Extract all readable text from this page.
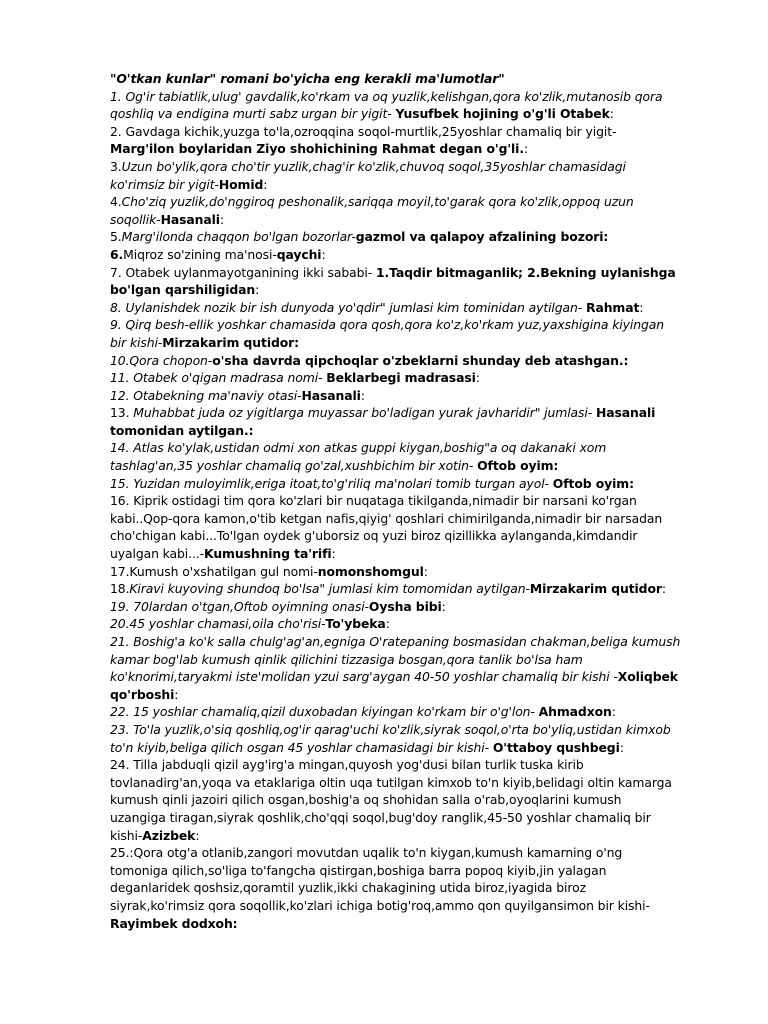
"O'tkan kunlar" romani bo'yicha eng kerakli ma'lumotlar"
1. Og'ir tabiatlik,ulug' gavdalik,ko'rkam va oq yuzlik,kelishgan,qora ko'zlik,mutanosib qora
qoshliq va endigina murti sabz urgan bir yigit- Yusufbek hojining o'g'li Otabek:
2. Gavdaga kichik,yuzga to'la,ozroqqina soqol-murtlik,25yoshlar chamaliq bir yigit-
Marg'ilon boylaridan Ziyo shohichining Rahmat degan o'g'li.:
3.Uzun bo'ylik,qora cho'tir yuzlik,chag'ir ko'zlik,chuvoq soqol,35yoshlar chamasidagi
ko'rimsiz bir yigit-Homid:
4.Cho'ziq yuzlik,do'nggiroq peshonalik,sariqqa moyil,to'garak qora ko'zlik,oppoq uzun
soqollik-Hasanali:
5.Marg'ilonda chaqqon bo'lgan bozorlar-gazmol va qalapoy afzalining bozori:
6.Miqroz so'zining ma'nosi-qaychi:
7. Otabek uylanmayotganining ikki sababi- 1.Taqdir bitmaganlik; 2.Bekning uylanishga
bo'lgan qarshiligidan:
8. Uylanishdek nozik bir ish dunyoda yo'qdir" jumlasi kim tominidan aytilgan- Rahmat:
9. Qirq besh-ellik yoshkar chamasida qora qosh,qora ko'z,ko'rkam yuz,yaxshigina kiyingan
bir kishi-Mirzakarim qutidor:
10.Qora chopon-o'sha davrda qipchoqlar o'zbeklarni shunday deb atashgan.:
11. Otabek o'qigan madrasa nomi- Beklarbegi madrasasi:
12. Otabekning ma'naviy otasi-Hasanali:
13. Muhabbat juda oz yigitlarga muyassar bo'ladigan yurak javharidir" jumlasi- Hasanali
tomonidan aytilgan.:
14. Atlas ko'ylak,ustidan odmi xon atkas guppi kiygan,boshig"a oq dakanaki xom
tashlag'an,35 yoshlar chamaliq go'zal,xushbichim bir xotin- Oftob oyim:
15. Yuzidan muloyimlik,eriga itoat,to'g'riliq ma'nolari tomib turgan ayol- Oftob oyim:
16. Kiprik ostidagi tim qora ko'zlari bir nuqataga tikilganda,nimadir bir narsani ko'rgan
kabi..Qop-qora kamon,o'tib ketgan nafis,qiyig' qoshlari chimirilganda,nimadir bir narsadan
cho'chigan kabi...To'lgan oydek g'uborsiz oq yuzi biroz qizillikka aylanganda,kimdandir
uyalgan kabi...-Kumushning ta'rifi:
17.Kumush o'xshatilgan gul nomi-nomonshomgul:
18.Kiravi kuyoving shundoq bo'lsa" jumlasi kim tomomidan aytilgan-Mirzakarim qutidor:
19. 70lardan o'tgan,Oftob oyimning onasi-Oysha bibi:
20.45 yoshlar chamasi,oila cho'risi-To'ybeka:
21. Boshig'a ko'k salla chulg'ag'an,egniga O'ratepaning bosmasidan chakman,beliga kumush
kamar bog'lab kumush qinlik qilichini tizzasiga bosgan,qora tanlik bo'lsa ham
ko'knorimi,taryakmi iste'molidan yzui sarg'aygan 40-50 yoshlar chamaliq bir kishi -Xoliqbek
qo'rboshi:
22. 15 yoshlar chamaliq,qizil duxobadan kiyingan ko'rkam bir o'g'lon- Ahmadxon:
23. To'la yuzlik,o'siq qoshliq,og'ir qarag'uchi ko'zlik,siyrak soqol,o'rta bo'yliq,ustidan kimxob
to'n kiyib,beliga qilich osgan 45 yoshlar chamasidagi bir kishi- O'ttaboy qushbegi:
24. Tilla jabduqli qizil ayg'irg'a mingan,quyosh yog'dusi bilan turlik tuska kirib
tovlanadirg'an,yoqa va etaklariga oltin uqa tutilgan kimxob to'n kiyib,belidagi oltin kamarga
kumush qinli jazoiri qilich osgan,boshig'a oq shohidan salla o'rab,oyoqlarini kumush
uzangiga tiragan,siyrak qoshlik,cho'qqi soqol,bug'doy ranglik,45-50 yoshlar chamaliq bir
kishi-Azizbek:
25.:Qora otg'a otlanib,zangori movutdan uqalik to'n kiygan,kumush kamarning o'ng
tomoniga qilich,so'liga to'fangcha qistirgan,boshiga barra popoq kiyib,jin yalagan
deganlaridek qoshsiz,qoramtil yuzlik,ikki chakagining utida biroz,iyagida biroz
siyrak,ko'rimsiz qora soqollik,ko'zlari ichiga botig'roq,ammo qon quyilgansimon bir kishi-
Rayimbek dodxoh:
